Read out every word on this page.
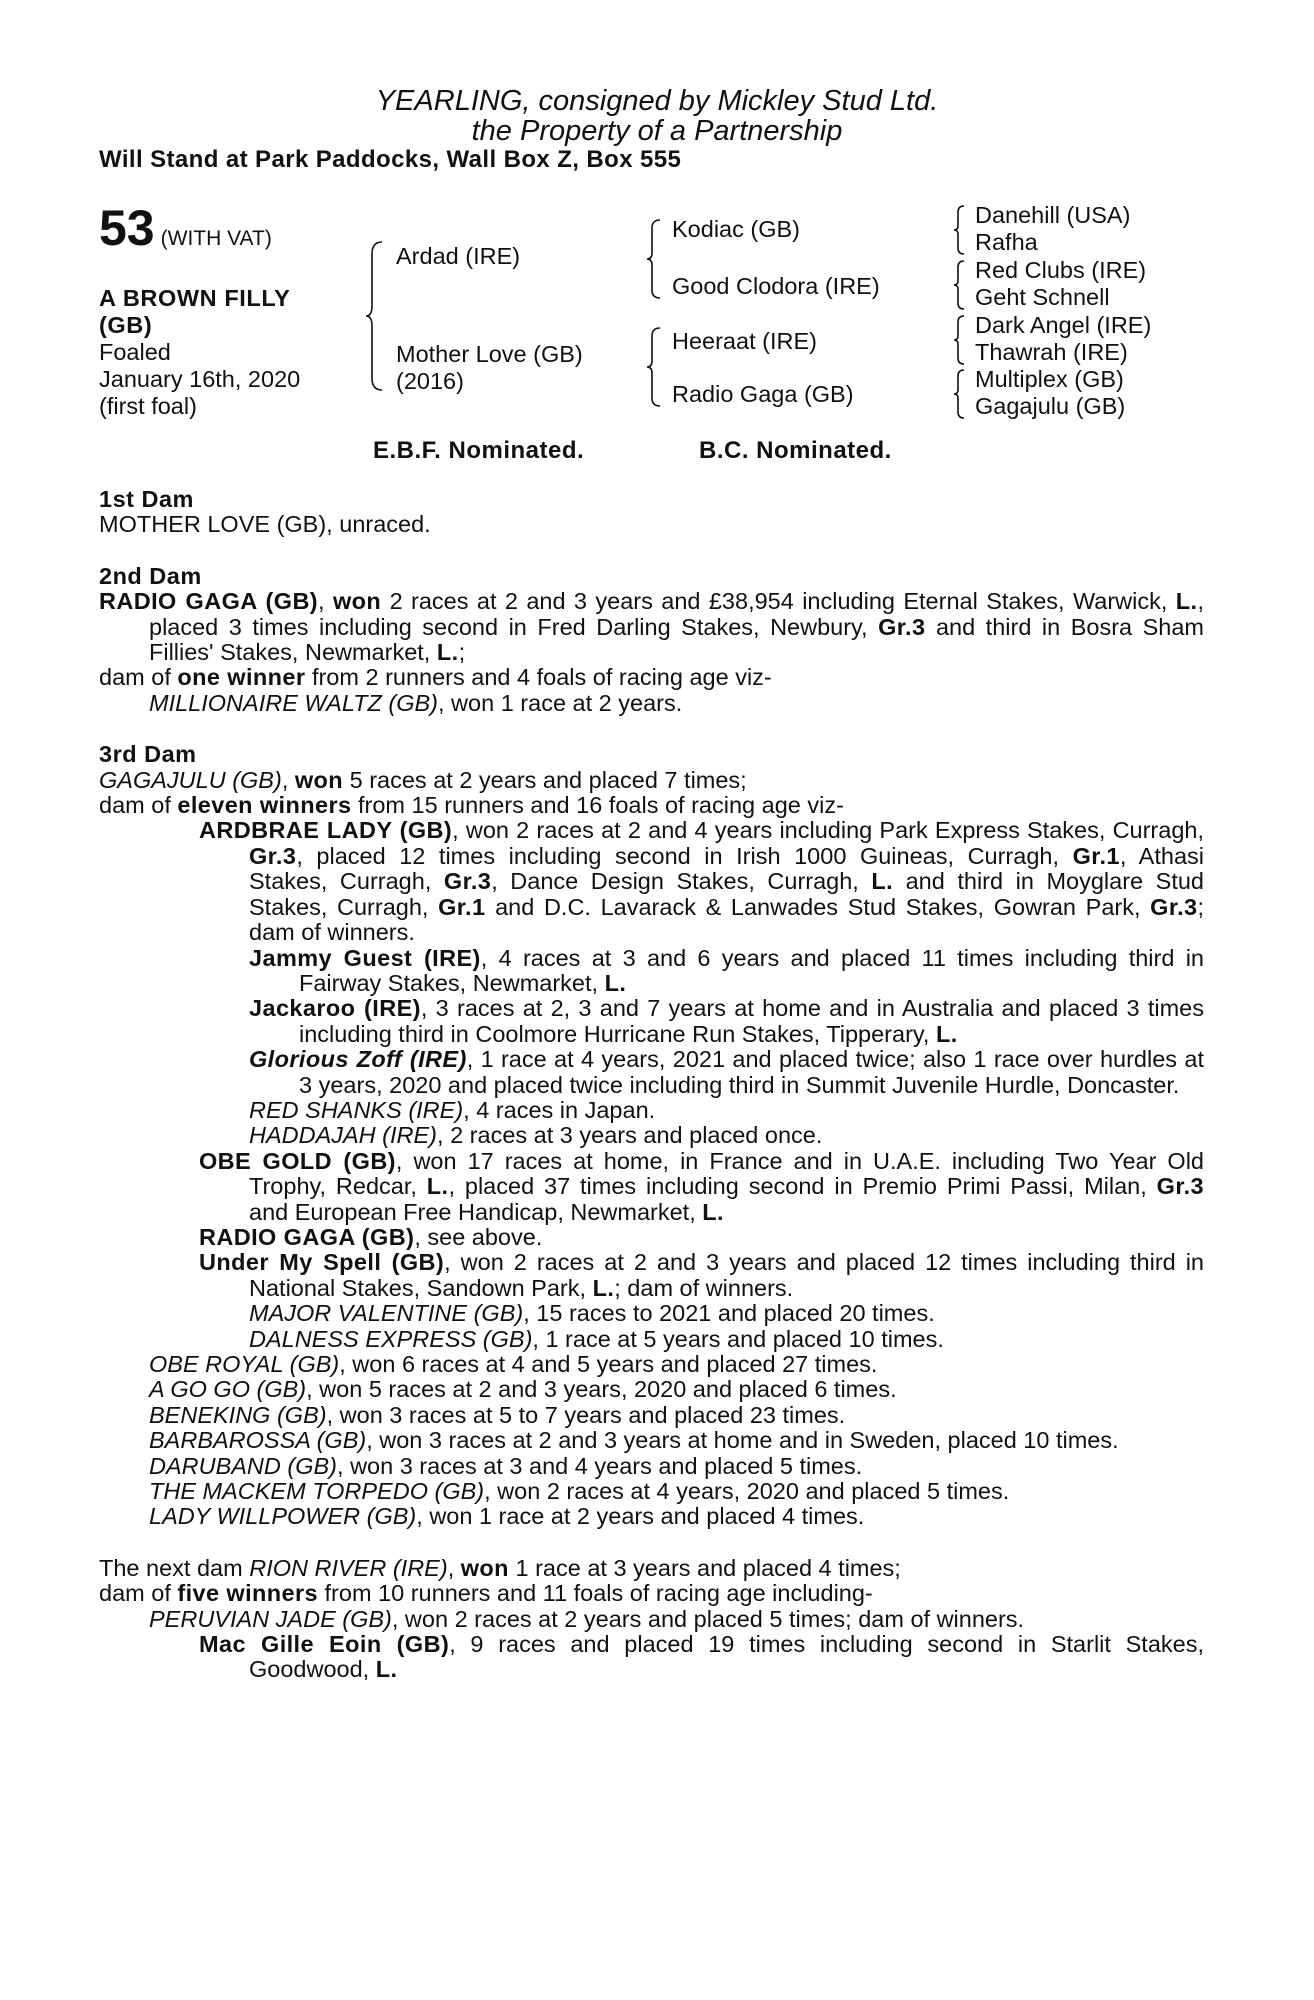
YEARLING, consigned by Mickley Stud Ltd.
the Property of a Partnership
Will Stand at Park Paddocks, Wall Box Z, Box 555
53 (WITH VAT)
A BROWN FILLY
(GB)
Foaled
January 16th, 2020
(first foal)
Ardad (IRE)
Mother Love (GB)
(2016)
Kodiac (GB)
Good Clodora (IRE)
Heeraat (IRE)
Radio Gaga (GB)
Danehill (USA)
Rafha
Red Clubs (IRE)
Geht Schnell
Dark Angel (IRE)
Thawrah (IRE)
Multiplex (GB)
Gagajulu (GB)
E.B.F. Nominated.	B.C. Nominated.
1st Dam
MOTHER LOVE (GB), unraced.
2nd Dam
RADIO GAGA (GB), won 2 races at 2 and 3 years and £38,954 including Eternal Stakes, Warwick, L., placed 3 times including second in Fred Darling Stakes, Newbury, Gr.3 and third in Bosra Sham Fillies' Stakes, Newmarket, L.;
dam of one winner from 2 runners and 4 foals of racing age viz-
MILLIONAIRE WALTZ (GB), won 1 race at 2 years.
3rd Dam
GAGAJULU (GB), won 5 races at 2 years and placed 7 times;
dam of eleven winners from 15 runners and 16 foals of racing age viz-
ARDBRAE LADY (GB), won 2 races at 2 and 4 years including Park Express Stakes, Curragh, Gr.3, placed 12 times including second in Irish 1000 Guineas, Curragh, Gr.1, Athasi Stakes, Curragh, Gr.3, Dance Design Stakes, Curragh, L. and third in Moyglare Stud Stakes, Curragh, Gr.1 and D.C. Lavarack & Lanwades Stud Stakes, Gowran Park, Gr.3; dam of winners.
Jammy Guest (IRE), 4 races at 3 and 6 years and placed 11 times including third in Fairway Stakes, Newmarket, L.
Jackaroo (IRE), 3 races at 2, 3 and 7 years at home and in Australia and placed 3 times including third in Coolmore Hurricane Run Stakes, Tipperary, L.
Glorious Zoff (IRE), 1 race at 4 years, 2021 and placed twice; also 1 race over hurdles at 3 years, 2020 and placed twice including third in Summit Juvenile Hurdle, Doncaster.
RED SHANKS (IRE), 4 races in Japan.
HADDAJAH (IRE), 2 races at 3 years and placed once.
OBE GOLD (GB), won 17 races at home, in France and in U.A.E. including Two Year Old Trophy, Redcar, L., placed 37 times including second in Premio Primi Passi, Milan, Gr.3 and European Free Handicap, Newmarket, L.
RADIO GAGA (GB), see above.
Under My Spell (GB), won 2 races at 2 and 3 years and placed 12 times including third in National Stakes, Sandown Park, L.; dam of winners.
MAJOR VALENTINE (GB), 15 races to 2021 and placed 20 times.
DALNESS EXPRESS (GB), 1 race at 5 years and placed 10 times.
OBE ROYAL (GB), won 6 races at 4 and 5 years and placed 27 times.
A GO GO (GB), won 5 races at 2 and 3 years, 2020 and placed 6 times.
BENEKING (GB), won 3 races at 5 to 7 years and placed 23 times.
BARBAROSSA (GB), won 3 races at 2 and 3 years at home and in Sweden, placed 10 times.
DARUBAND (GB), won 3 races at 3 and 4 years and placed 5 times.
THE MACKEM TORPEDO (GB), won 2 races at 4 years, 2020 and placed 5 times.
LADY WILLPOWER (GB), won 1 race at 2 years and placed 4 times.
The next dam RION RIVER (IRE), won 1 race at 3 years and placed 4 times;
dam of five winners from 10 runners and 11 foals of racing age including-
PERUVIAN JADE (GB), won 2 races at 2 years and placed 5 times; dam of winners.
Mac Gille Eoin (GB), 9 races and placed 19 times including second in Starlit Stakes, Goodwood, L.
